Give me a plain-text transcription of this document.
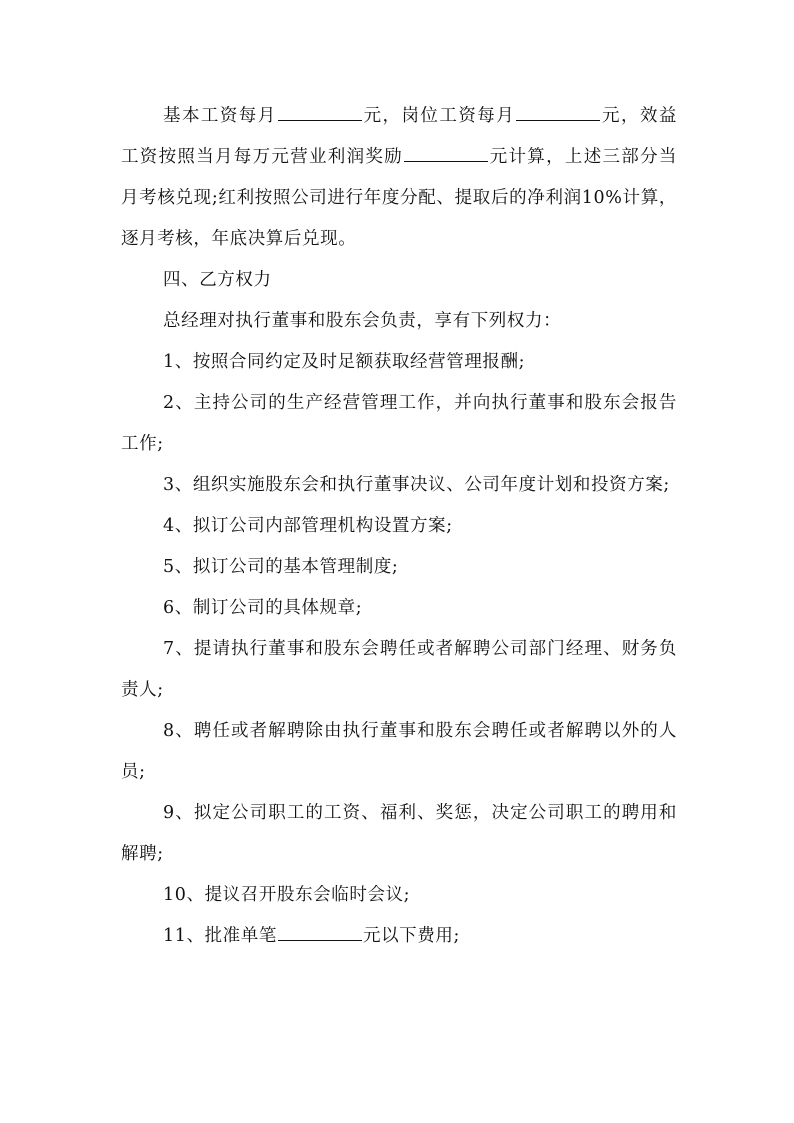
基本工资每月	元，岗位工资每月	元，效益工资按照当月每万元营业利润奖励	元计算，上述三部分当月考核兑现;红利按照公司进行年度分配、提取后的净利润10%计算，逐月考核，年底决算后兑现。

四、乙方权力

总经理对执行董事和股东会负责，享有下列权力：

1、按照合同约定及时足额获取经营管理报酬;

2、主持公司的生产经营管理工作，并向执行董事和股东会报告工作;

3、组织实施股东会和执行董事决议、公司年度计划和投资方案;

4、拟订公司内部管理机构设置方案;

5、拟订公司的基本管理制度;

6、制订公司的具体规章;

7、提请执行董事和股东会聘任或者解聘公司部门经理、财务负责人;

8、聘任或者解聘除由执行董事和股东会聘任或者解聘以外的人员;

9、拟定公司职工的工资、福利、奖惩，决定公司职工的聘用和解聘;

10、提议召开股东会临时会议;

11、批准单笔	元以下费用;
